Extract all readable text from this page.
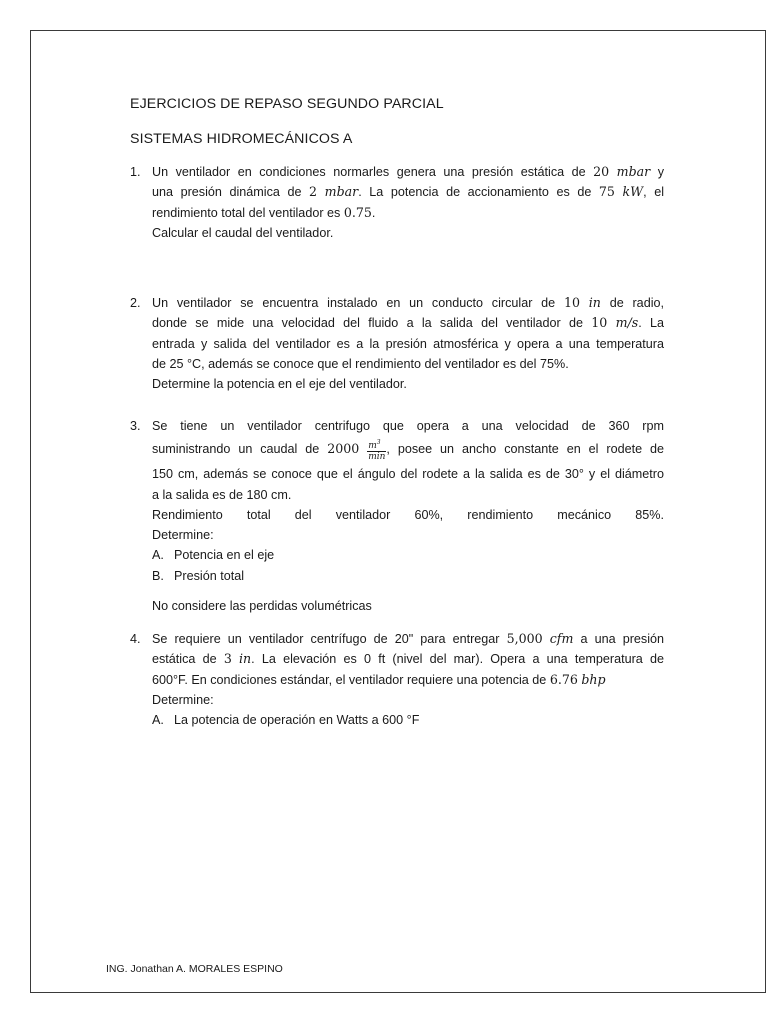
EJERCICIOS DE REPASO SEGUNDO PARCIAL
SISTEMAS HIDROMECÁNICOS A
1. Un ventilador en condiciones normarles genera una presión estática de 20 mbar y
una presión dinámica de 2 mbar. La potencia de accionamiento es de 75 kW, el
rendimiento total del ventilador es 0.75.
Calcular el caudal del ventilador.
2. Un ventilador se encuentra instalado en un conducto circular de 10 in de radio,
donde se mide una velocidad del fluido a la salida del ventilador de 10 m/s. La
entrada y salida del ventilador es a la presión atmosférica y opera a una temperatura
de 25 °C, además se conoce que el rendimiento del ventilador es del 75%.
Determine la potencia en el eje del ventilador.
3. Se tiene un ventilador centrifugo que opera a una velocidad de 360 rpm
suministrando un caudal de $2000 \frac{m^3}{\min}$ , posee un ancho constante en el rodete de
150 cm, además se conoce que el ángulo del rodete a la salida es de 30° y el diámetro
a la salida es de 180 cm.
Rendimiento total del ventilador 60%, rendimiento mecánico 85%.
Determine:
A. Potencia en el eje
B. Presión total
No considere las perdidas volumétricas
4. Se requiere un ventilador centrífugo de 20" para entregar 5,000 cfm a una presión
estática de 3 in. La elevación es 0 ft (nivel del mar). Opera a una temperatura de
600°F. En condiciones estándar, el ventilador requiere una potencia de 6.76 bhp
Determine:
A. La potencia de operación en Watts a 600 °F
ING. Jonathan A. MORALES ESPINO
